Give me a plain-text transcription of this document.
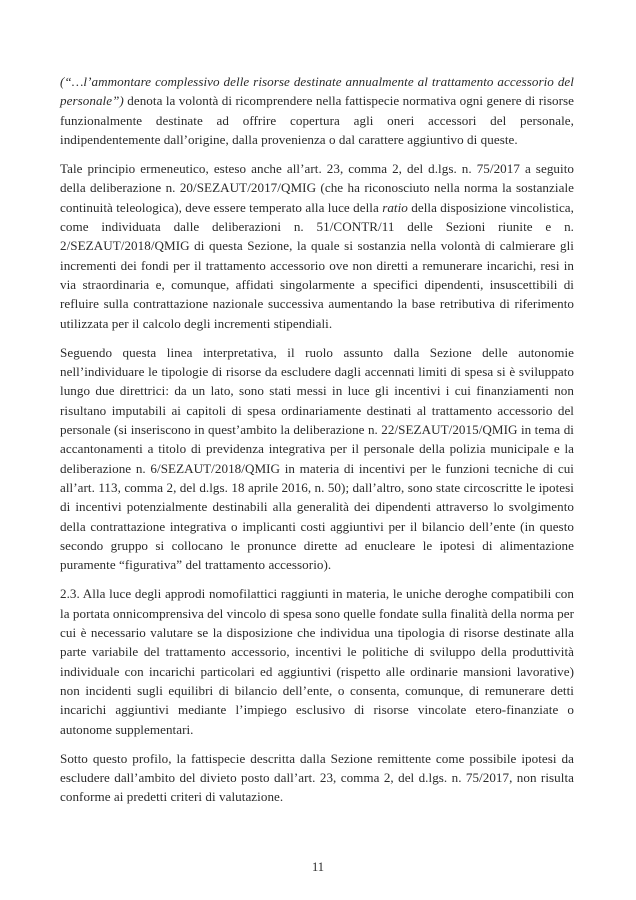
(“…l’ammontare complessivo delle risorse destinate annualmente al trattamento accessorio del personale”) denota la volontà di ricomprendere nella fattispecie normativa ogni genere di risorse funzionalmente destinate ad offrire copertura agli oneri accessori del personale, indipendentemente dall’origine, dalla provenienza o dal carattere aggiuntivo di queste.

Tale principio ermeneutico, esteso anche all’art. 23, comma 2, del d.lgs. n. 75/2017 a seguito della deliberazione n. 20/SEZAUT/2017/QMIG (che ha riconosciuto nella norma la sostanziale continuità teleologica), deve essere temperato alla luce della ratio della disposizione vincolistica, come individuata dalle deliberazioni n. 51/CONTR/11 delle Sezioni riunite e n. 2/SEZAUT/2018/QMIG di questa Sezione, la quale si sostanzia nella volontà di calmierare gli incrementi dei fondi per il trattamento accessorio ove non diretti a remunerare incarichi, resi in via straordinaria e, comunque, affidati singolarmente a specifici dipendenti, insuscettibili di refluire sulla contrattazione nazionale successiva aumentando la base retributiva di riferimento utilizzata per il calcolo degli incrementi stipendiali.

Seguendo questa linea interpretativa, il ruolo assunto dalla Sezione delle autonomie nell’individuare le tipologie di risorse da escludere dagli accennati limiti di spesa si è sviluppato lungo due direttrici: da un lato, sono stati messi in luce gli incentivi i cui finanziamenti non risultano imputabili ai capitoli di spesa ordinariamente destinati al trattamento accessorio del personale (si inseriscono in quest’ambito la deliberazione n. 22/SEZAUT/2015/QMIG in tema di accantonamenti a titolo di previdenza integrativa per il personale della polizia municipale e la deliberazione n. 6/SEZAUT/2018/QMIG in materia di incentivi per le funzioni tecniche di cui all’art. 113, comma 2, del d.lgs. 18 aprile 2016, n. 50); dall’altro, sono state circoscritte le ipotesi di incentivi potenzialmente destinabili alla generalità dei dipendenti attraverso lo svolgimento della contrattazione integrativa o implicanti costi aggiuntivi per il bilancio dell’ente (in questo secondo gruppo si collocano le pronunce dirette ad enucleare le ipotesi di alimentazione puramente “figurativa” del trattamento accessorio).

2.3. Alla luce degli approdi nomofilattici raggiunti in materia, le uniche deroghe compatibili con la portata onnicomprensiva del vincolo di spesa sono quelle fondate sulla finalità della norma per cui è necessario valutare se la disposizione che individua una tipologia di risorse destinate alla parte variabile del trattamento accessorio, incentivi le politiche di sviluppo della produttività individuale con incarichi particolari ed aggiuntivi (rispetto alle ordinarie mansioni lavorative) non incidenti sugli equilibri di bilancio dell’ente, o consenta, comunque, di remunerare detti incarichi aggiuntivi mediante l’impiego esclusivo di risorse vincolate etero-finanziate o autonome supplementari.

Sotto questo profilo, la fattispecie descritta dalla Sezione remittente come possibile ipotesi da escludere dall’ambito del divieto posto dall’art. 23, comma 2, del d.lgs. n. 75/2017, non risulta conforme ai predetti criteri di valutazione.

11
